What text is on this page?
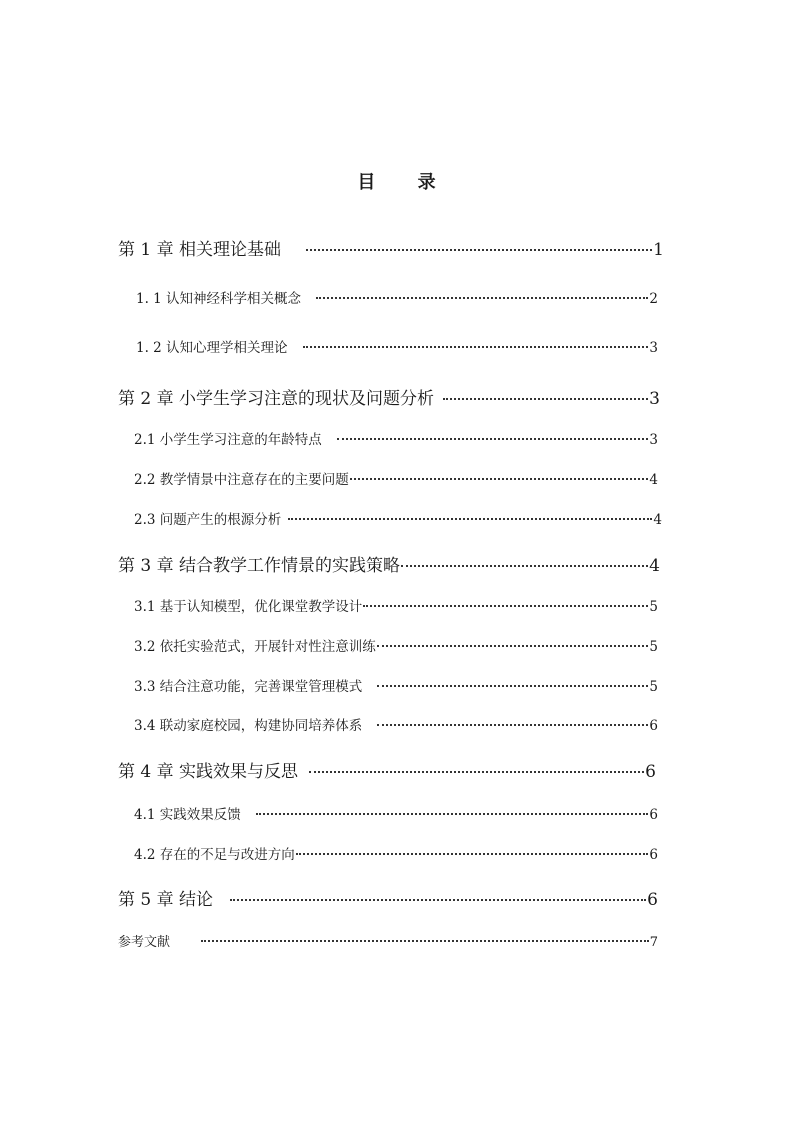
目 录
第 1 章 相关理论基础	1
1. 1 认知神经科学相关概念	2
1. 2 认知心理学相关理论	3
第 2 章 小学生学习注意的现状及问题分析	3
2.1 小学生学习注意的年龄特点	3
2.2 教学情景中注意存在的主要问题	4
2.3 问题产生的根源分析	4
第 3 章 结合教学工作情景的实践策略	4
3.1 基于认知模型，优化课堂教学设计	5
3.2 依托实验范式，开展针对性注意训练	5
3.3 结合注意功能，完善课堂管理模式	5
3.4 联动家庭校园，构建协同培养体系	6
第 4 章 实践效果与反思	6
4.1 实践效果反馈	6
4.2 存在的不足与改进方向	6
第 5 章 结论	6
参考文献	7
